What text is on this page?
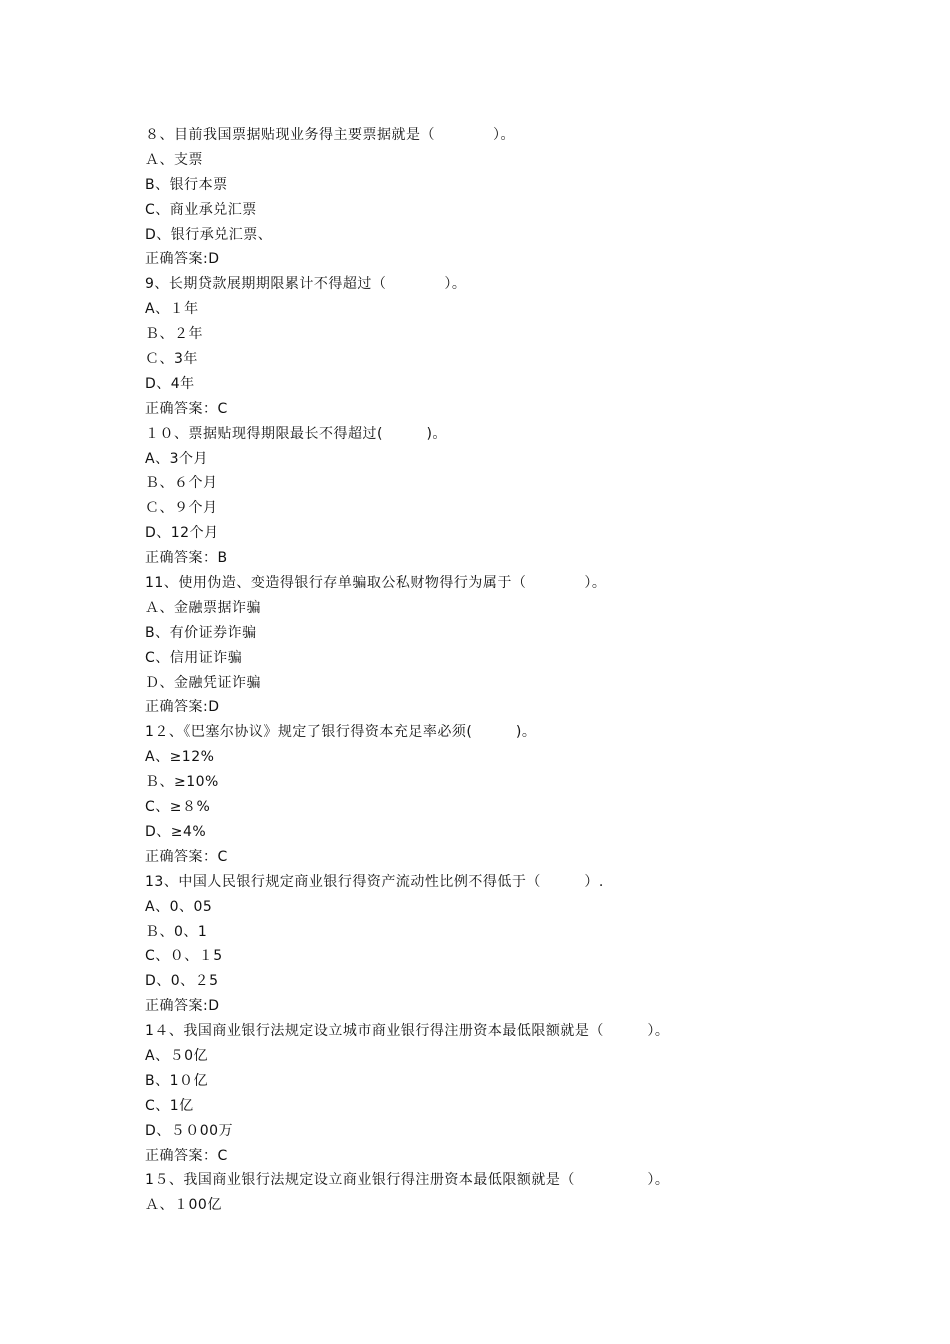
８、目前我国票据贴现业务得主要票据就是（　　　　）。
Ａ、支票
B、银行本票
C、商业承兑汇票
D、银行承兑汇票、
正确答案:D
9、长期贷款展期期限累计不得超过（　　　　）。
A、１年
Ｂ、２年
Ｃ、3年
D、4年
正确答案：C
１０、票据贴现得期限最长不得超过(　　　)。
A、3个月
Ｂ、６个月
Ｃ、９个月
D、12个月
正确答案：B
11、使用伪造、变造得银行存单骗取公私财物得行为属于（　　　　）。
Ａ、金融票据诈骗
B、有价证券诈骗
C、信用证诈骗
Ｄ、金融凭证诈骗
正确答案:D
1２、《巴塞尔协议》规定了银行得资本充足率必须(　　　)。
A、≥12%
Ｂ、≥10%
C、≥８%
D、≥4%
正确答案：C
13、中国人民银行规定商业银行得资产流动性比例不得低于（　　　）.
A、0、05
Ｂ、0、1
C、０、１5
D、0、２5
正确答案:D
1４、我国商业银行法规定设立城市商业银行得注册资本最低限额就是（　　　）。
A、５0亿
B、1０亿
C、1亿
D、５０00万
正确答案：C
1５、我国商业银行法规定设立商业银行得注册资本最低限额就是（　　　　　）。
Ａ、１00亿
